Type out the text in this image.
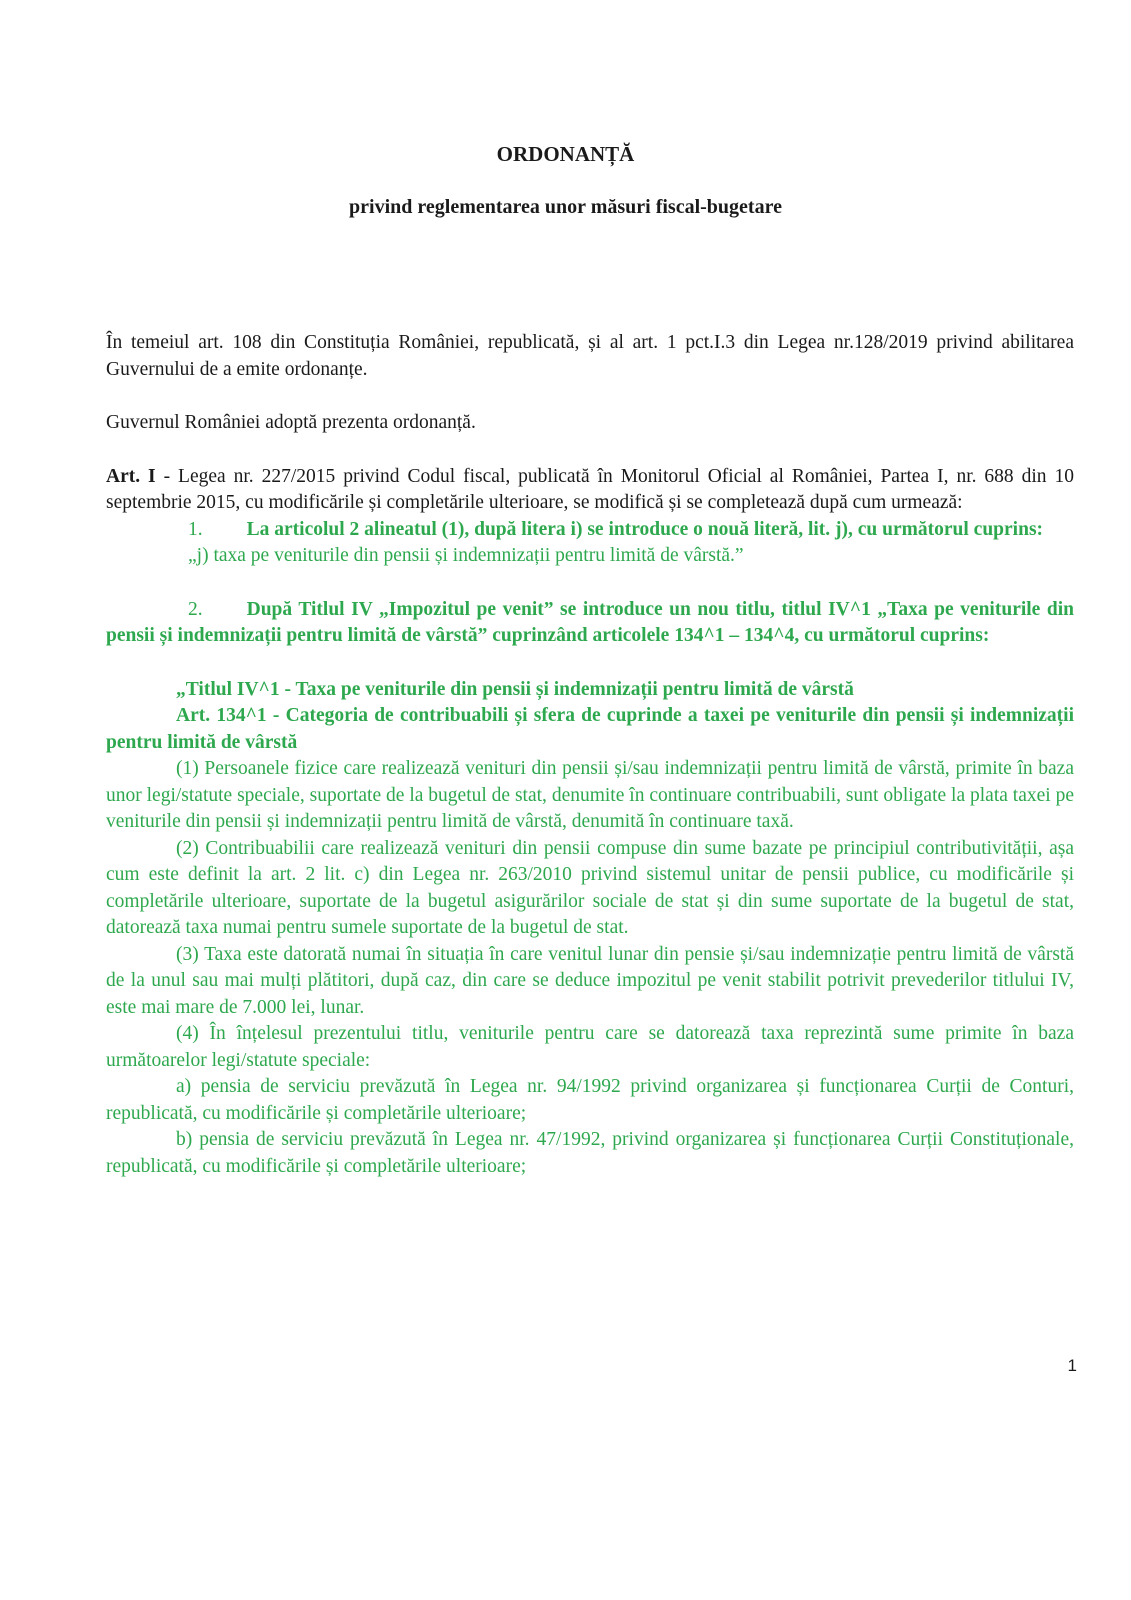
ORDONANȚĂ
privind reglementarea unor măsuri fiscal-bugetare

În temeiul art. 108 din Constituția României, republicată, și al art. 1 pct.I.3 din Legea nr.128/2019 privind abilitarea Guvernului de a emite ordonanțe.

Guvernul României adoptă prezenta ordonanță.

Art. I - Legea nr. 227/2015 privind Codul fiscal, publicată în Monitorul Oficial al României, Partea I, nr. 688 din 10 septembrie 2015, cu modificările și completările ulterioare, se modifică și se completează după cum urmează:

1. La articolul 2 alineatul (1), după litera i) se introduce o nouă literă, lit. j), cu următorul cuprins:

„j) taxa pe veniturile din pensii și indemnizații pentru limită de vârstă.”

2. După Titlul IV „Impozitul pe venit” se introduce un nou titlu, titlul IV^1 „Taxa pe veniturile din pensii și indemnizații pentru limită de vârstă” cuprinzând articolele 134^1 – 134^4, cu următorul cuprins:

„Titlul IV^1 - Taxa pe veniturile din pensii și indemnizații pentru limită de vârstă

Art. 134^1 - Categoria de contribuabili și sfera de cuprinde a taxei pe veniturile din pensii și indemnizații pentru limită de vârstă

(1) Persoanele fizice care realizează venituri din pensii și/sau indemnizații pentru limită de vârstă, primite în baza unor legi/statute speciale, suportate de la bugetul de stat, denumite în continuare contribuabili, sunt obligate la plata taxei pe veniturile din pensii și indemnizații pentru limită de vârstă, denumită în continuare taxă.

(2) Contribuabilii care realizează venituri din pensii compuse din sume bazate pe principiul contributivității, așa cum este definit la art. 2 lit. c) din Legea nr. 263/2010 privind sistemul unitar de pensii publice, cu modificările și completările ulterioare, suportate de la bugetul asigurărilor sociale de stat și din sume suportate de la bugetul de stat, datorează taxa numai pentru sumele suportate de la bugetul de stat.

(3) Taxa este datorată numai în situația în care venitul lunar din pensie și/sau indemnizație pentru limită de vârstă de la unul sau mai mulți plătitori, după caz, din care se deduce impozitul pe venit stabilit potrivit prevederilor titlului IV, este mai mare de 7.000 lei, lunar.

(4) În înțelesul prezentului titlu, veniturile pentru care se datorează taxa reprezintă sume primite în baza următoarelor legi/statute speciale:

a) pensia de serviciu prevăzută în Legea nr. 94/1992 privind organizarea și funcționarea Curții de Conturi, republicată, cu modificările și completările ulterioare;

b) pensia de serviciu prevăzută în Legea nr. 47/1992, privind organizarea și funcționarea Curții Constituționale, republicată, cu modificările și completările ulterioare;

1
